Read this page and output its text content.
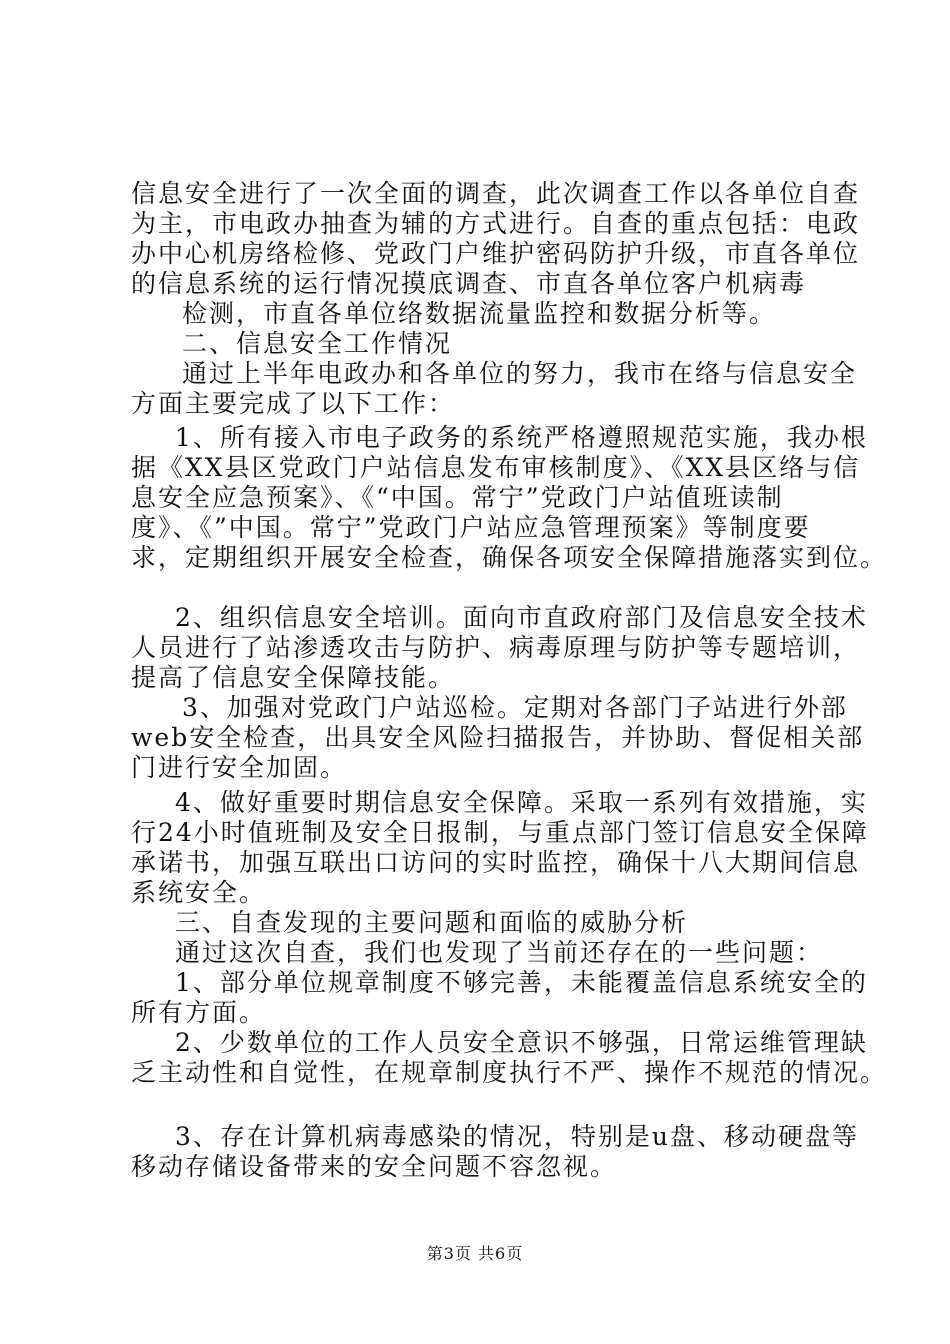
信息安全进行了一次全面的调查，此次调查工作以各单位自查
为主，市电政办抽查为辅的方式进行。自查的重点包括：电政
办中心机房络检修、党政门户维护密码防护升级，市直各单位
的信息系统的运行情况摸底调查、市直各单位客户机病毒
检测，市直各单位络数据流量监控和数据分析等。
二、信息安全工作情况
通过上半年电政办和各单位的努力，我市在络与信息安全
方面主要完成了以下工作：
1、所有接入市电子政务的系统严格遵照规范实施，我办根
据《XX县区党政门户站信息发布审核制度》、《XX县区络与信
息安全应急预案》、《“中国。常宁”党政门户站值班读制
度》、《”中国。常宁”党政门户站应急管理预案》等制度要
求，定期组织开展安全检查，确保各项安全保障措施落实到位。
2、组织信息安全培训。面向市直政府部门及信息安全技术
人员进行了站渗透攻击与防护、病毒原理与防护等专题培训，
提高了信息安全保障技能。
3、加强对党政门户站巡检。定期对各部门子站进行外部
web安全检查，出具安全风险扫描报告，并协助、督促相关部
门进行安全加固。
4、做好重要时期信息安全保障。采取一系列有效措施，实
行24小时值班制及安全日报制，与重点部门签订信息安全保障
承诺书，加强互联出口访问的实时监控，确保十八大期间信息
系统安全。
三、自查发现的主要问题和面临的威胁分析
通过这次自查，我们也发现了当前还存在的一些问题：
1、部分单位规章制度不够完善，未能覆盖信息系统安全的
所有方面。
2、少数单位的工作人员安全意识不够强，日常运维管理缺
乏主动性和自觉性，在规章制度执行不严、操作不规范的情况。
3、存在计算机病毒感染的情况，特别是u盘、移动硬盘等
移动存储设备带来的安全问题不容忽视。
第3页 共6页
